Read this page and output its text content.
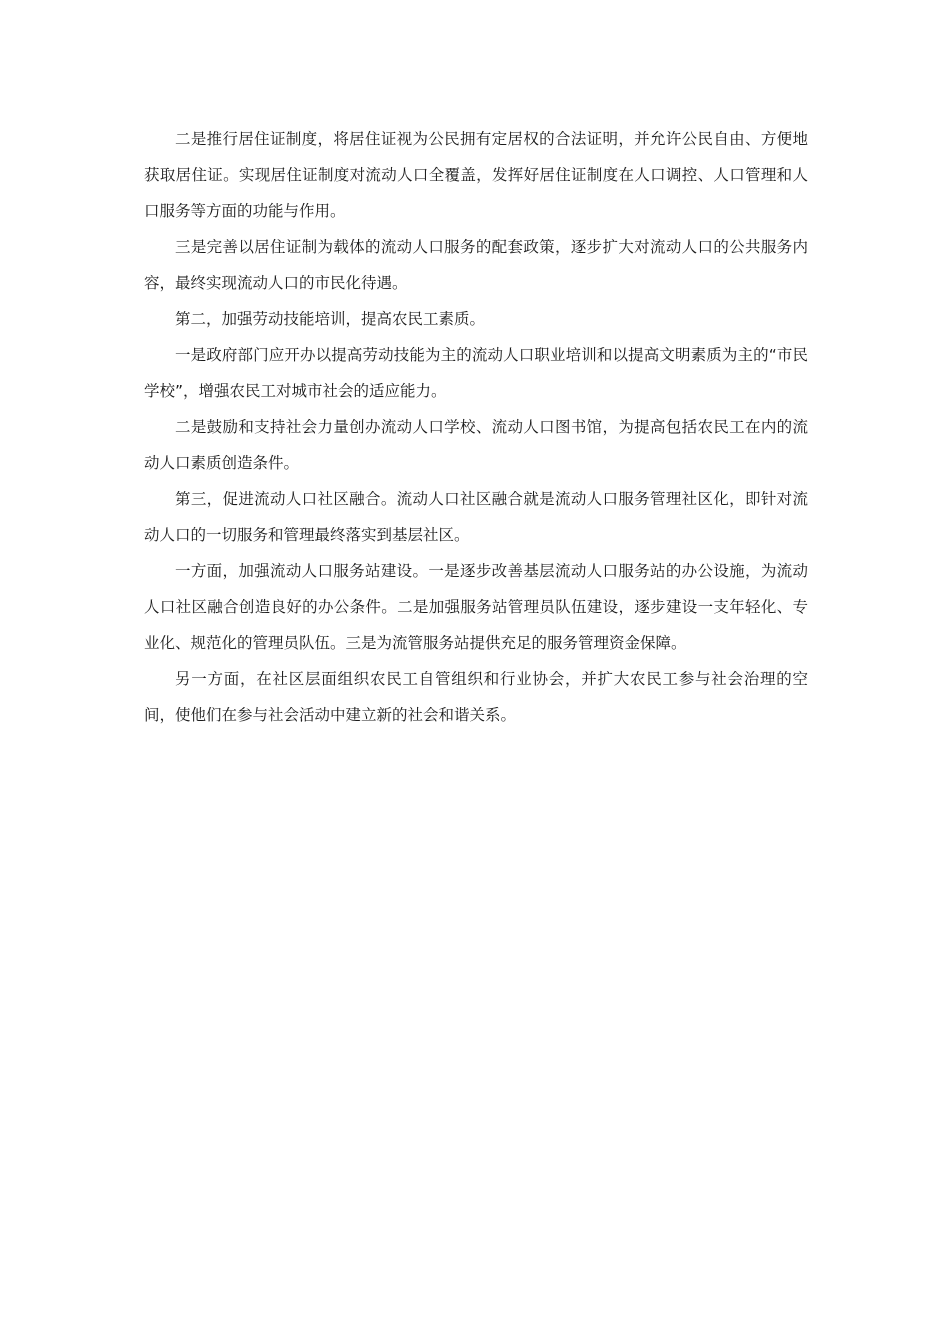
二是推行居住证制度，将居住证视为公民拥有定居权的合法证明，并允许公民自由、方便地获取居住证。实现居住证制度对流动人口全覆盖，发挥好居住证制度在人口调控、人口管理和人口服务等方面的功能与作用。

三是完善以居住证制为载体的流动人口服务的配套政策，逐步扩大对流动人口的公共服务内容，最终实现流动人口的市民化待遇。

第二，加强劳动技能培训，提高农民工素质。

一是政府部门应开办以提高劳动技能为主的流动人口职业培训和以提高文明素质为主的“市民学校”，增强农民工对城市社会的适应能力。

二是鼓励和支持社会力量创办流动人口学校、流动人口图书馆，为提高包括农民工在内的流动人口素质创造条件。

第三，促进流动人口社区融合。流动人口社区融合就是流动人口服务管理社区化，即针对流动人口的一切服务和管理最终落实到基层社区。

一方面，加强流动人口服务站建设。一是逐步改善基层流动人口服务站的办公设施，为流动人口社区融合创造良好的办公条件。二是加强服务站管理员队伍建设，逐步建设一支年轻化、专业化、规范化的管理员队伍。三是为流管服务站提供充足的服务管理资金保障。

另一方面，在社区层面组织农民工自管组织和行业协会，并扩大农民工参与社会治理的空间，使他们在参与社会活动中建立新的社会和谐关系。
